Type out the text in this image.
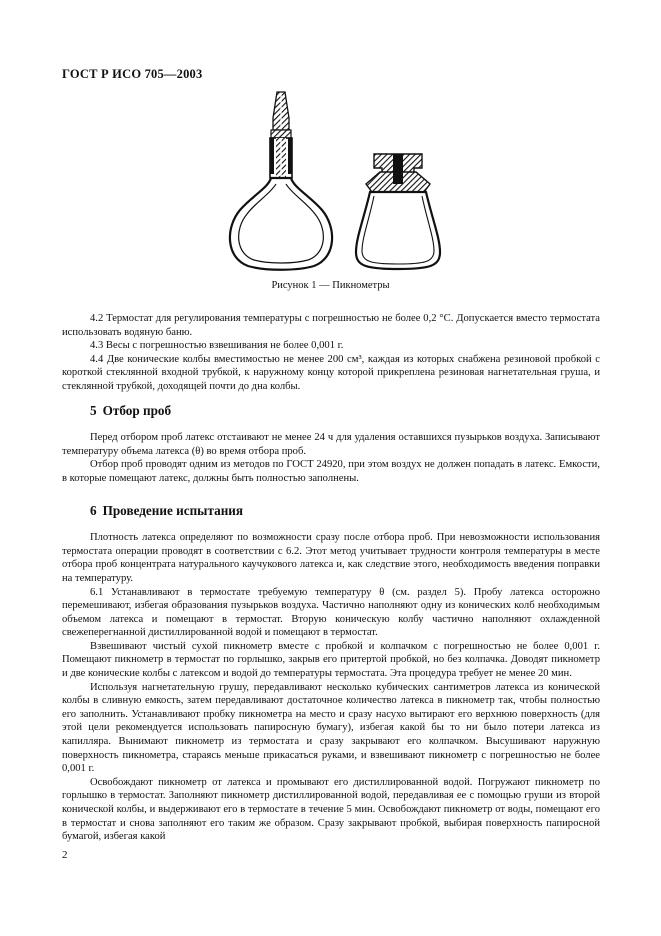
ГОСТ Р ИСО 705—2003
Рисунок 1 — Пикнометры

4.2 Термостат для регулирования температуры с погрешностью не более 0,2 °С. Допускается вместо термостата использовать водяную баню.

4.3 Весы с погрешностью взвешивания не более 0,001 г.

4.4 Две конические колбы вместимостью не менее 200 см³, каждая из которых снабжена резиновой пробкой с короткой стеклянной входной трубкой, к наружному концу которой прикреплена резиновая нагнетательная груша, и стеклянной трубкой, доходящей почти до дна колбы.

5 Отбор проб

Перед отбором проб латекс отстаивают не менее 24 ч для удаления оставшихся пузырьков воздуха. Записывают температуру объема латекса (θ) во время отбора проб.

Отбор проб проводят одним из методов по ГОСТ 24920, при этом воздух не должен попадать в латекс. Емкости, в которые помещают латекс, должны быть полностью заполнены.

6 Проведение испытания

Плотность латекса определяют по возможности сразу после отбора проб. При невозможности использования термостата операции проводят в соответствии с 6.2. Этот метод учитывает трудности контроля температуры в месте отбора проб концентрата натурального каучукового латекса и, как следствие этого, необходимость введения поправки на температуру.

6.1 Устанавливают в термостате требуемую температуру θ (см. раздел 5). Пробу латекса осторожно перемешивают, избегая образования пузырьков воздуха. Частично наполняют одну из конических колб необходимым объемом латекса и помещают в термостат. Вторую коническую колбу частично наполняют охлажденной свежеперегнанной дистиллированной водой и помещают в термостат.

Взвешивают чистый сухой пикнометр вместе с пробкой и колпачком с погрешностью не более 0,001 г. Помещают пикнометр в термостат по горлышко, закрыв его притертой пробкой, но без колпачка. Доводят пикнометр и две конические колбы с латексом и водой до температуры термостата. Эта процедура требует не менее 20 мин.

Используя нагнетательную грушу, передавливают несколько кубических сантиметров латекса из конической колбы в сливную емкость, затем передавливают достаточное количество латекса в пикнометр так, чтобы полностью его заполнить. Устанавливают пробку пикнометра на место и сразу насухо вытирают его верхнюю поверхность (для этой цели рекомендуется использовать папиросную бумагу), избегая какой бы то ни было потери латекса из капилляра. Вынимают пикнометр из термостата и сразу закрывают его колпачком. Высушивают наружную поверхность пикнометра, стараясь меньше прикасаться руками, и взвешивают пикнометр с погрешностью не более 0,001 г.

Освобождают пикнометр от латекса и промывают его дистиллированной водой. Погружают пикнометр по горлышко в термостат. Заполняют пикнометр дистиллированной водой, передавливая ее с помощью груши из второй конической колбы, и выдерживают его в термостате в течение 5 мин. Освобождают пикнометр от воды, помещают его в термостат и снова заполняют его таким же образом. Сразу закрывают пробкой, выбирая поверхность папиросной бумагой, избегая какой

2
